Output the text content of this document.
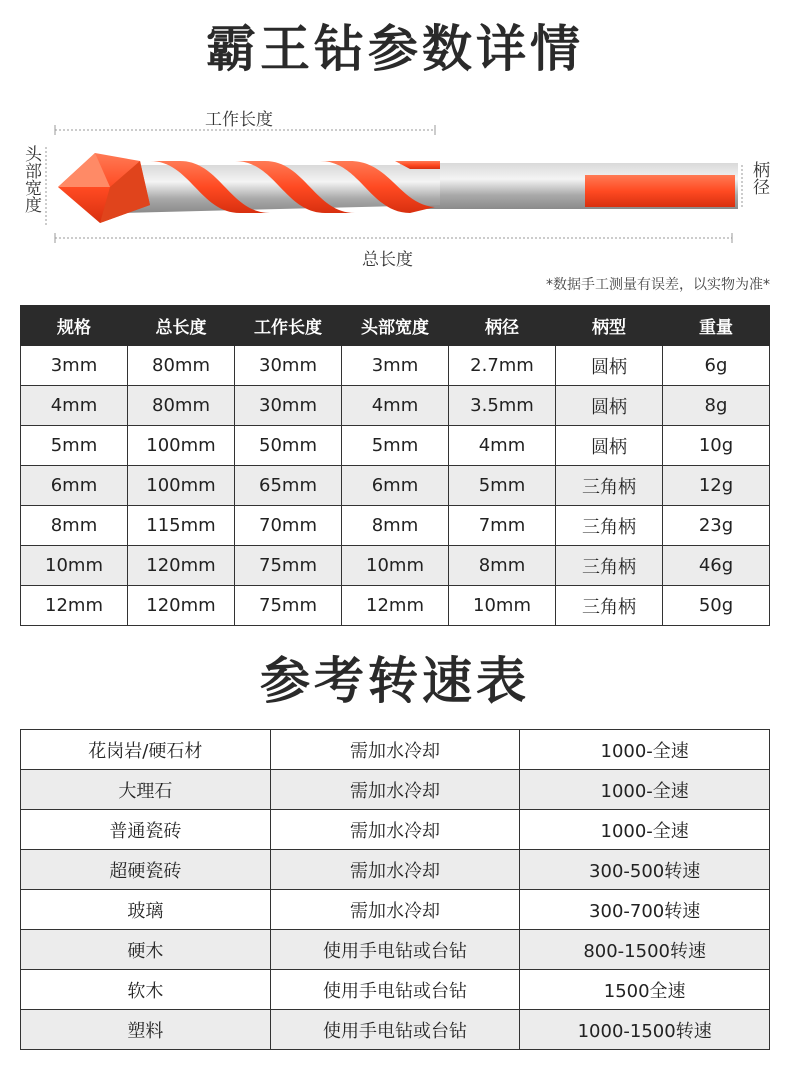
霸王钻参数详情
工作长度
总长度
头部宽度	柄径
*数据手工测量有误差，以实物为准*
规格	总长度	工作长度	头部宽度	柄径	柄型	重量
3mm	80mm	30mm	3mm	2.7mm	圆柄	6g
4mm	80mm	30mm	4mm	3.5mm	圆柄	8g
5mm	100mm	50mm	5mm	4mm	圆柄	10g
6mm	100mm	65mm	6mm	5mm	三角柄	12g
8mm	115mm	70mm	8mm	7mm	三角柄	23g
10mm	120mm	75mm	10mm	8mm	三角柄	46g
12mm	120mm	75mm	12mm	10mm	三角柄	50g
参考转速表
花岗岩/硬石材	需加水冷却	1000-全速
大理石	需加水冷却	1000-全速
普通瓷砖	需加水冷却	1000-全速
超硬瓷砖	需加水冷却	300-500转速
玻璃	需加水冷却	300-700转速
硬木	使用手电钻或台钻	800-1500转速
软木	使用手电钻或台钻	1500全速
塑料	使用手电钻或台钻	1000-1500转速
